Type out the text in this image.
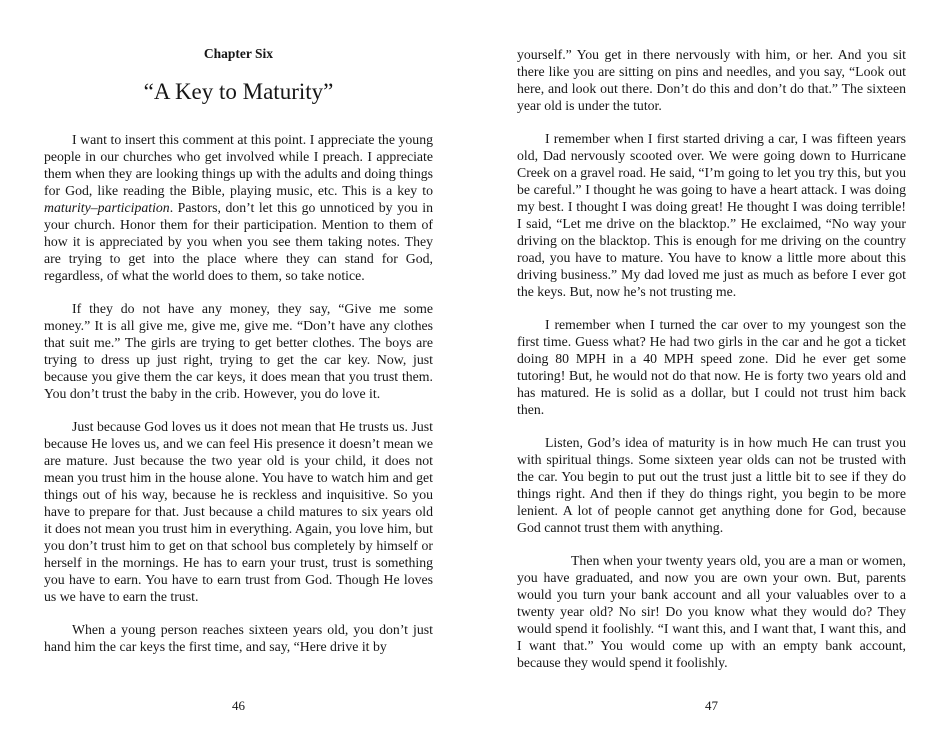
Chapter Six
“A Key to Maturity”

I want to insert this comment at this point. I appreciate the young people in our churches who get involved while I preach. I appreciate them when they are looking things up with the adults and doing things for God, like reading the Bible, playing music, etc. This is a key to maturity–participation. Pastors, don’t let this go unnoticed by you in your church. Honor them for their participation. Mention to them of how it is appreciated by you when you see them taking notes. They are trying to get into the place where they can stand for God, regardless, of what the world does to them, so take notice.

If they do not have any money, they say, “Give me some money.” It is all give me, give me, give me. “Don’t have any clothes that suit me.” The girls are trying to get better clothes. The boys are trying to dress up just right, trying to get the car key. Now, just because you give them the car keys, it does mean that you trust them. You don’t trust the baby in the crib. However, you do love it.

Just because God loves us it does not mean that He trusts us. Just because He loves us, and we can feel His presence it doesn’t mean we are mature. Just because the two year old is your child, it does not mean you trust him in the house alone. You have to watch him and get things out of his way, because he is reckless and inquisitive. So you have to prepare for that. Just because a child matures to six years old it does not mean you trust him in everything. Again, you love him, but you don’t trust him to get on that school bus completely by himself or herself in the mornings. He has to earn your trust, trust is something you have to earn. You have to earn trust from God. Though He loves us we have to earn the trust.

When a young person reaches sixteen years old, you don’t just hand him the car keys the first time, and say, “Here drive it by

yourself.” You get in there nervously with him, or her. And you sit there like you are sitting on pins and needles, and you say, “Look out here, and look out there. Don’t do this and don’t do that.” The sixteen year old is under the tutor.

I remember when I first started driving a car, I was fifteen years old, Dad nervously scooted over. We were going down to Hurricane Creek on a gravel road. He said, “I’m going to let you try this, but you be careful.” I thought he was going to have a heart attack. I was doing my best. I thought I was doing great! He thought I was doing terrible! I said, “Let me drive on the blacktop.” He exclaimed, “No way your driving on the blacktop. This is enough for me driving on the country road, you have to mature. You have to know a little more about this driving business.” My dad loved me just as much as before I ever got the keys. But, now he’s not trusting me.

I remember when I turned the car over to my youngest son the first time. Guess what? He had two girls in the car and he got a ticket doing 80 MPH in a 40 MPH speed zone. Did he ever get some tutoring! But, he would not do that now. He is forty two years old and has matured. He is solid as a dollar, but I could not trust him back then.

Listen, God’s idea of maturity is in how much He can trust you with spiritual things. Some sixteen year olds can not be trusted with the car. You begin to put out the trust just a little bit to see if they do things right. And then if they do things right, you begin to be more lenient. A lot of people cannot get anything done for God, because God cannot trust them with anything.

Then when your twenty years old, you are a man or women, you have graduated, and now you are own your own. But, parents would you turn your bank account and all your valuables over to a twenty year old? No sir! Do you know what they would do? They would spend it foolishly. “I want this, and I want that, I want this, and I want that.” You would come up with an empty bank account, because they would spend it foolishly.

46	47
